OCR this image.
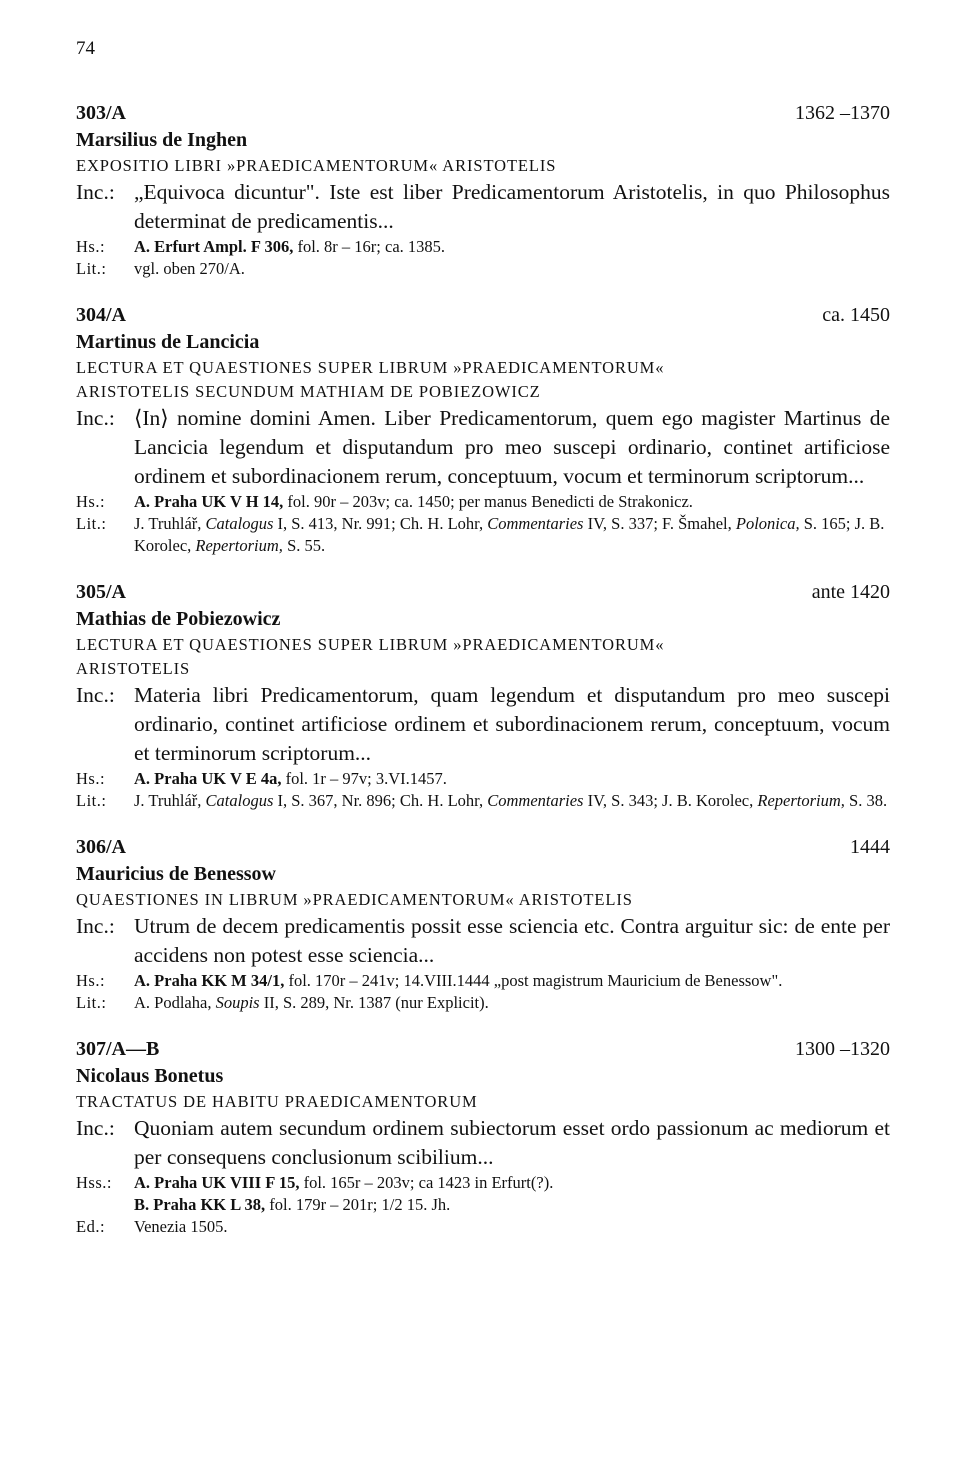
74
303/A	1362 –1370
Marsilius de Inghen
EXPOSITIO LIBRI »PRAEDICAMENTORUM« ARISTOTELIS
Inc.: „Equivoca dicuntur". Iste est liber Predicamentorum Aristotelis, in quo Philosophus determinat de predicamentis...
Hs.:	A. Erfurt Ampl. F 306, fol. 8r – 16r; ca. 1385.
Lit.:	vgl. oben 270/A.
304/A	ca. 1450
Martinus de Lancicia
LECTURA ET QUAESTIONES SUPER LIBRUM »PRAEDICAMENTORUM«
ARISTOTELIS SECUNDUM MATHIAM DE POBIEZOWICZ
Inc.: ⟨In⟩ nomine domini Amen. Liber Predicamentorum, quem ego magister Martinus de Lancicia legendum et disputandum pro meo suscepi ordinario, continet artificiose ordinem et subordinacionem rerum, conceptuum, vocum et terminorum scriptorum...
Hs.:	A. Praha UK V H 14, fol. 90r – 203v; ca. 1450; per manus Benedicti de Strakonicz.
Lit.:	J. Truhlář, Catalogus I, S. 413, Nr. 991; Ch. H. Lohr, Commentaries IV, S. 337; F. Šmahel, Polonica, S. 165; J. B. Korolec, Repertorium, S. 55.
305/A	ante 1420
Mathias de Pobiezowicz
LECTURA ET QUAESTIONES SUPER LIBRUM »PRAEDICAMENTORUM«
ARISTOTELIS
Inc.: Materia libri Predicamentorum, quam legendum et disputandum pro meo suscepi ordinario, continet artificiose ordinem et subordinacionem rerum, conceptuum, vocum et terminorum scriptorum...
Hs.:	A. Praha UK V E 4a, fol. 1r – 97v; 3.VI.1457.
Lit.:	J. Truhlář, Catalogus I, S. 367, Nr. 896; Ch. H. Lohr, Commentaries IV, S. 343; J. B. Korolec, Repertorium, S. 38.
306/A	1444
Mauricius de Benessow
QUAESTIONES IN LIBRUM »PRAEDICAMENTORUM« ARISTOTELIS
Inc.: Utrum de decem predicamentis possit esse sciencia etc. Contra arguitur sic: de ente per accidens non potest esse sciencia...
Hs.:	A. Praha KK M 34/1, fol. 170r – 241v; 14.VIII.1444 „post magistrum Mauricium de Benessow".
Lit.:	A. Podlaha, Soupis II, S. 289, Nr. 1387 (nur Explicit).
307/A—B	1300 –1320
Nicolaus Bonetus
TRACTATUS DE HABITU PRAEDICAMENTORUM
Inc.: Quoniam autem secundum ordinem subiectorum esset ordo passionum ac mediorum et per consequens conclusionum scibilium...
Hss.:	A. Praha UK VIII F 15, fol. 165r – 203v; ca 1423 in Erfurt(?).
B. Praha KK L 38, fol. 179r – 201r; 1/2 15. Jh.
Ed.:	Venezia 1505.
